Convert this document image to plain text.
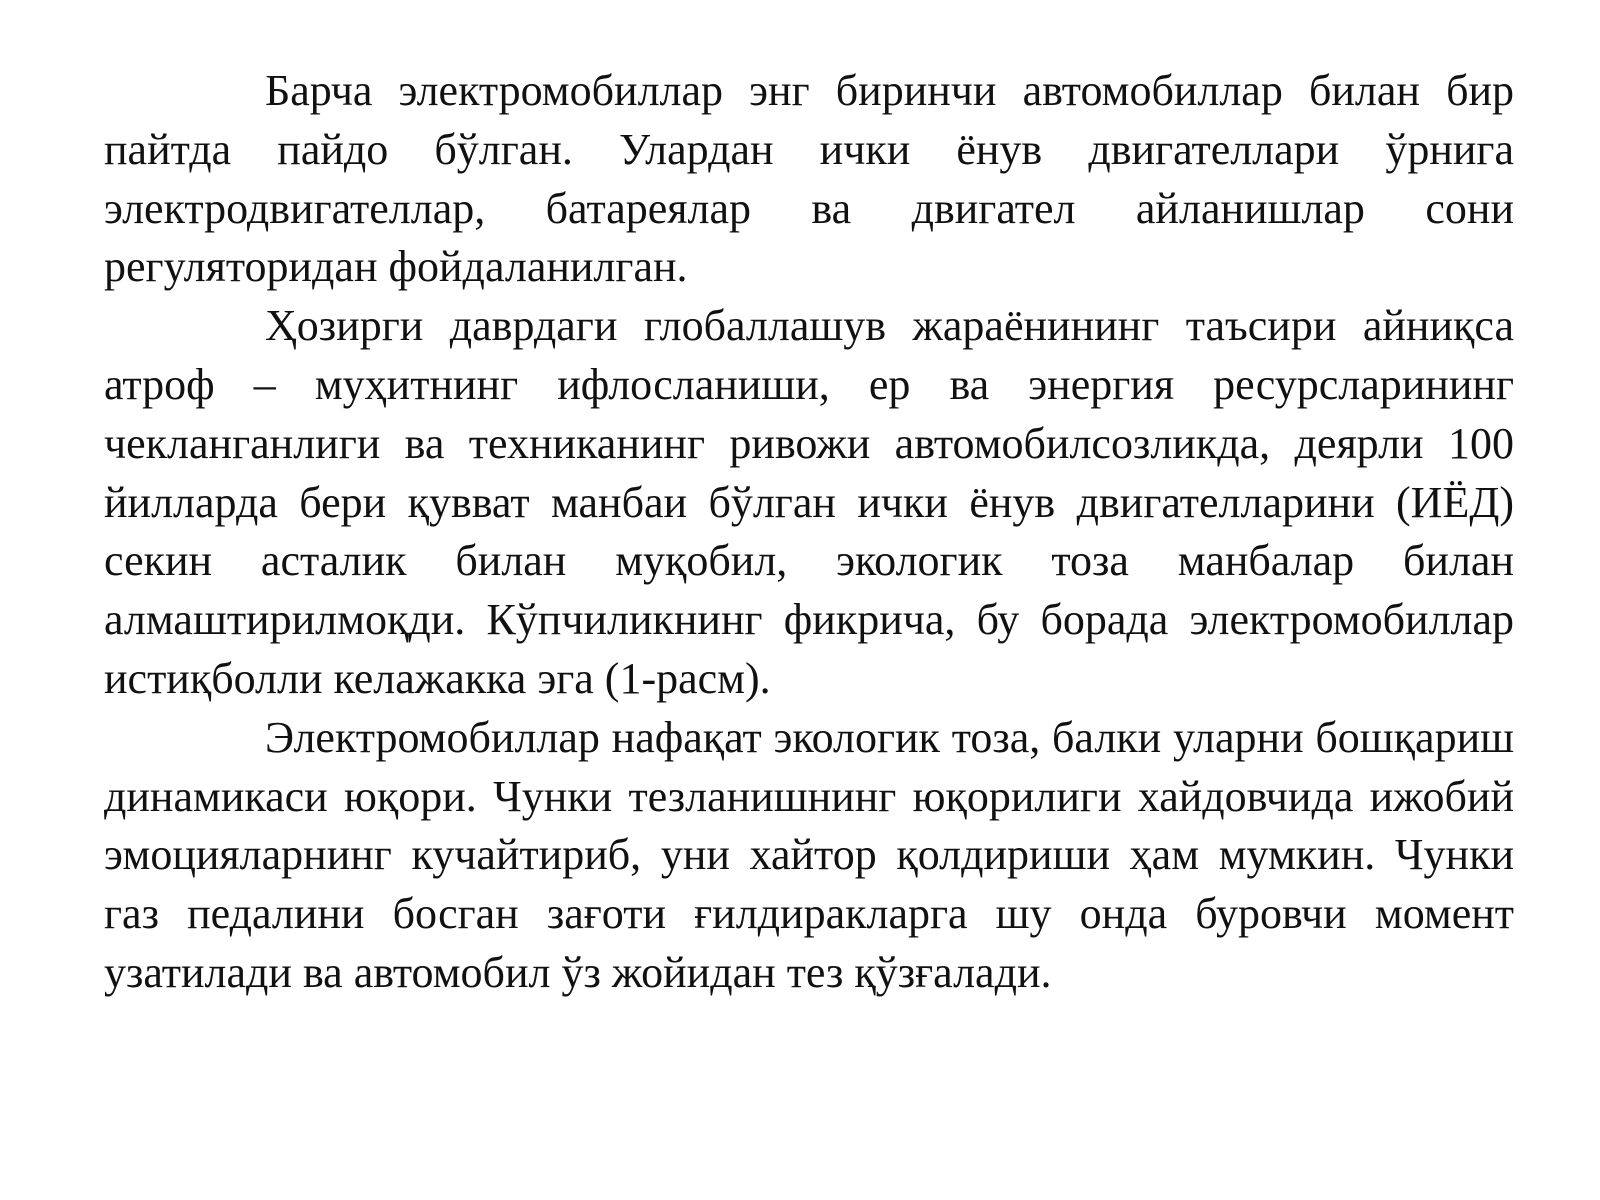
Барча электромобиллар энг биринчи автомобиллар билан бир пайтда пайдо бўлган. Улардан ички ёнув двигателлари ўрнига электродвигателлар, батареялар ва двигател айланишлар сони регуляторидан фойдаланилган.

Ҳозирги даврдаги глобаллашув жараёнининг таъсири айниқса атроф – муҳитнинг ифлосланиши, ер ва энергия ресурсларининг чекланганлиги ва техниканинг ривожи автомобилсозликда, деярли 100 йилларда бери қувват манбаи бўлган ички ёнув двигателларини (ИЁД) секин асталик билан муқобил, экологик тоза манбалар билан алмаштирилмоқди. Кўпчиликнинг фикрича, бу борада электромобиллар истиқболли келажакка эга (1-расм).

Электромобиллар нафақат экологик тоза, балки уларни бошқариш динамикаси юқори. Чунки тезланишнинг юқорилиги хайдовчида ижобий эмоцияларнинг кучайтириб, уни хайтор қолдириши ҳам мумкин. Чунки газ педалини босган зағоти ғилдиракларга шу онда буровчи момент узатилади ва автомобил ўз жойидан тез қўзғалади.
